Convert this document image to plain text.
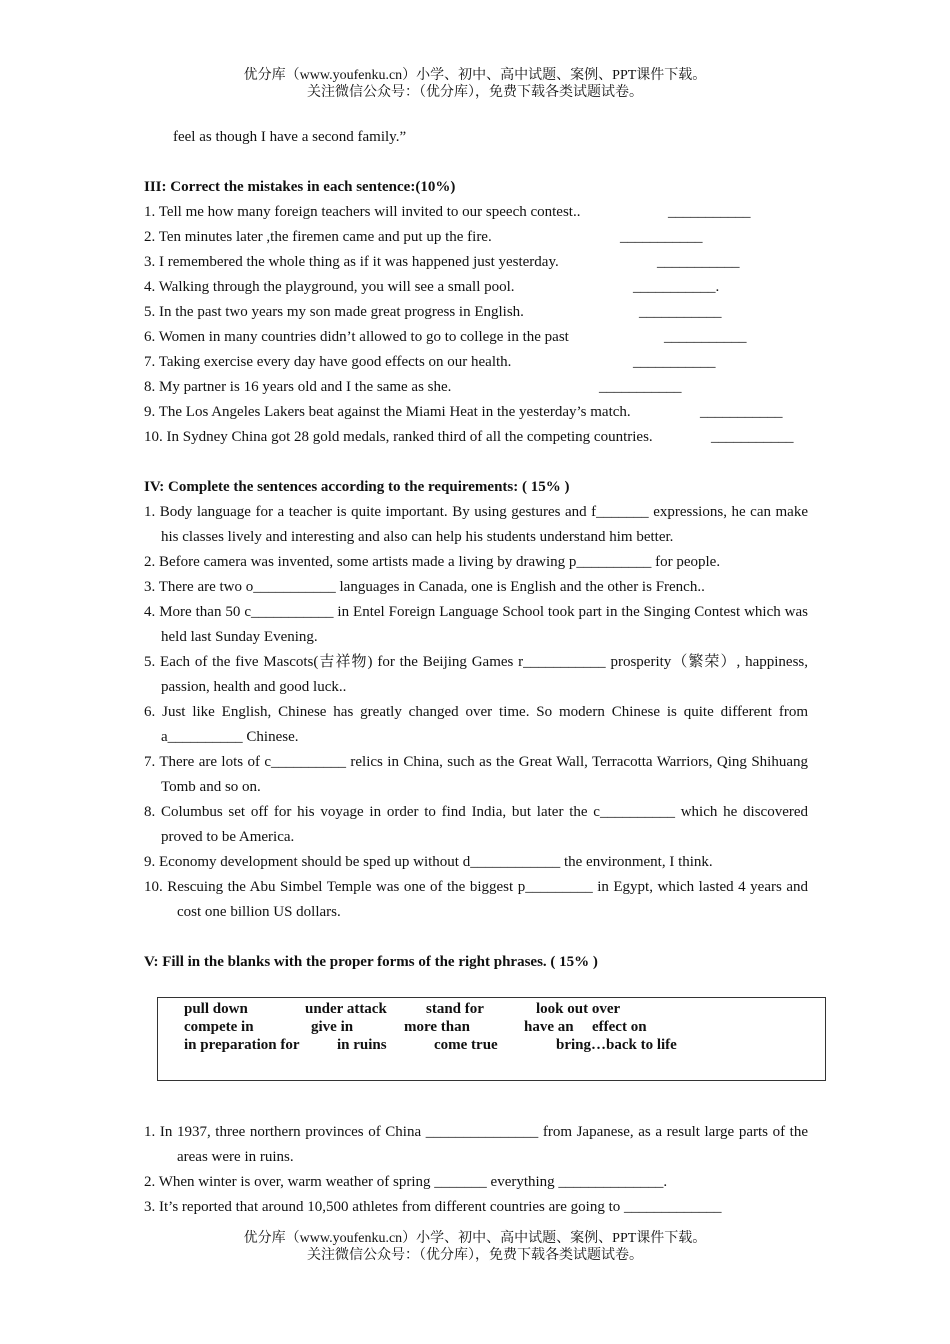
优分库（www.youfenku.cn）小学、初中、高中试题、案例、PPT课件下载。
关注微信公众号：（优分库），免费下载各类试题试卷。
feel as though I have a second family.”
III: Correct the mistakes in each sentence:(10%)
1. Tell me how many foreign teachers will invited to our speech contest..	___________
2. Ten minutes later ,the firemen came and put up the fire.	___________
3. I remembered the whole thing as if it was happened just yesterday.	___________
4. Walking through the playground, you will see a small pool.	___________.
5. In the past two years my son made great progress in English.	___________
6. Women in many countries didn’t allowed to go to college in the past	___________
7. Taking exercise every day have good effects on our health.	___________
8. My partner is 16 years old and I the same as she.	___________
9. The Los Angeles Lakers beat against the Miami Heat in the yesterday’s match.	___________
10. In Sydney China got 28 gold medals, ranked third of all the competing countries.	___________
IV: Complete the sentences according to the requirements: ( 15% )
1. Body language for a teacher is quite important. By using gestures and f_______ expressions, he can make his classes lively and interesting and also can help his students understand him better.
2. Before camera was invented, some artists made a living by drawing p__________ for people.
3. There are two o___________ languages in Canada, one is English and the other is French..
4. More than 50 c___________ in Entel Foreign Language School took part in the Singing Contest which was held last Sunday Evening.
5. Each of the five Mascots(吉祥物) for the Beijing Games r___________ prosperity（繁荣）, happiness, passion, health and good luck..
6. Just like English, Chinese has greatly changed over time. So modern Chinese is quite different from a__________ Chinese.
7. There are lots of c__________ relics in China, such as the Great Wall, Terracotta Warriors, Qing Shihuang Tomb and so on.
8. Columbus set off for his voyage in order to find India, but later the c__________ which he discovered proved to be America.
9. Economy development should be sped up without d____________ the environment, I think.
10. Rescuing the Abu Simbel Temple was one of the biggest p_________ in Egypt, which lasted 4 years and cost one billion US dollars.
V: Fill in the blanks with the proper forms of the right phrases. ( 15% )
pull down	under attack	stand for	look out over
compete in	give in	more than	have an effect on
in preparation for in ruins	come true	bring…back to life
1. In 1937, three northern provinces of China _______________ from Japanese, as a result large parts of the areas were in ruins.
2. When winter is over, warm weather of spring _______ everything ______________.
3. It’s reported that around 10,500 athletes from different countries are going to _____________
优分库（www.youfenku.cn）小学、初中、高中试题、案例、PPT课件下载。
关注微信公众号：（优分库），免费下载各类试题试卷。
